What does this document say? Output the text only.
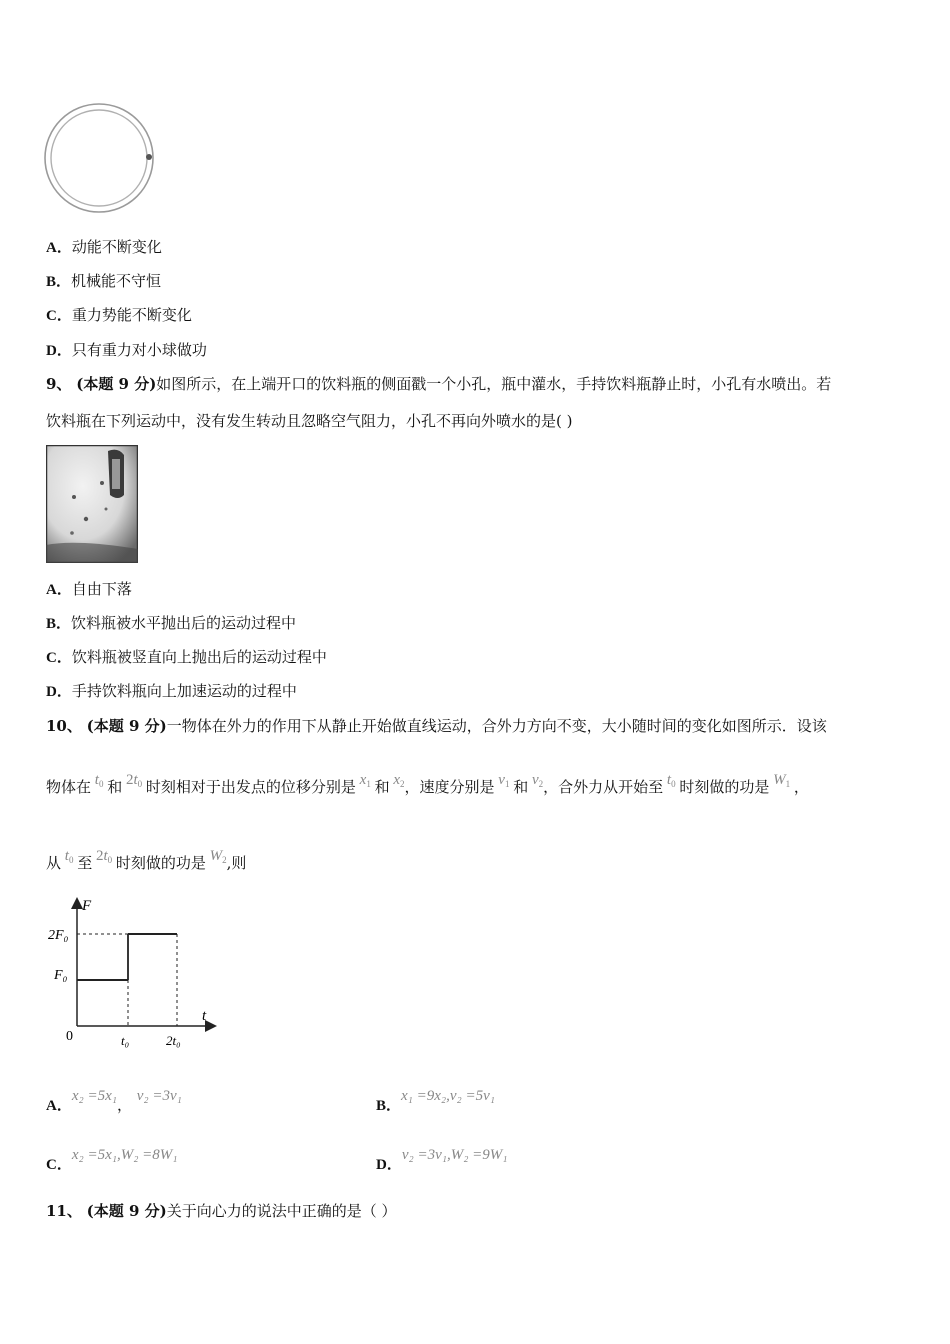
A．动能不断变化
B．机械能不守恒
C．重力势能不断变化
D．只有重力对小球做功
9、 (本题 9 分)如图所示，在上端开口的饮料瓶的侧面戳一个小孔，瓶中灌水，手持饮料瓶静止时，小孔有水喷出。若
饮料瓶在下列运动中，没有发生转动且忽略空气阻力，小孔不再向外喷水的是( )
A．自由下落
B．饮料瓶被水平抛出后的运动过程中
C．饮料瓶被竖直向上抛出后的运动过程中
D．手持饮料瓶向上加速运动的过程中
10、 (本题 9 分)一物体在外力的作用下从静止开始做直线运动，合外力方向不变，大小随时间的变化如图所示．设该
物体在 $t_0$ 和 $2t_0$ 时刻相对于出发点的位移分别是 $x_1$ 和 $x_2$，速度分别是 $v_1$ 和 $v_2$，合外力从开始至 $t_0$ 时刻做的功是 $W_1$ ，
从 $t_0$ 至 $2t_0$ 时刻做的功是 $W_2$,则
F
t
0
2F₀
F₀
t₀	2t₀
A．x₂ =5x₁， v₂ =3v₁
B．x₁ =9x₂,v₂ =5v₁
C．x₂ =5x₁,W₂ =8W₁
D．v₂ =3v₁,W₂ =9W₁
11、 (本题 9 分)关于向心力的说法中正确的是（ ）
